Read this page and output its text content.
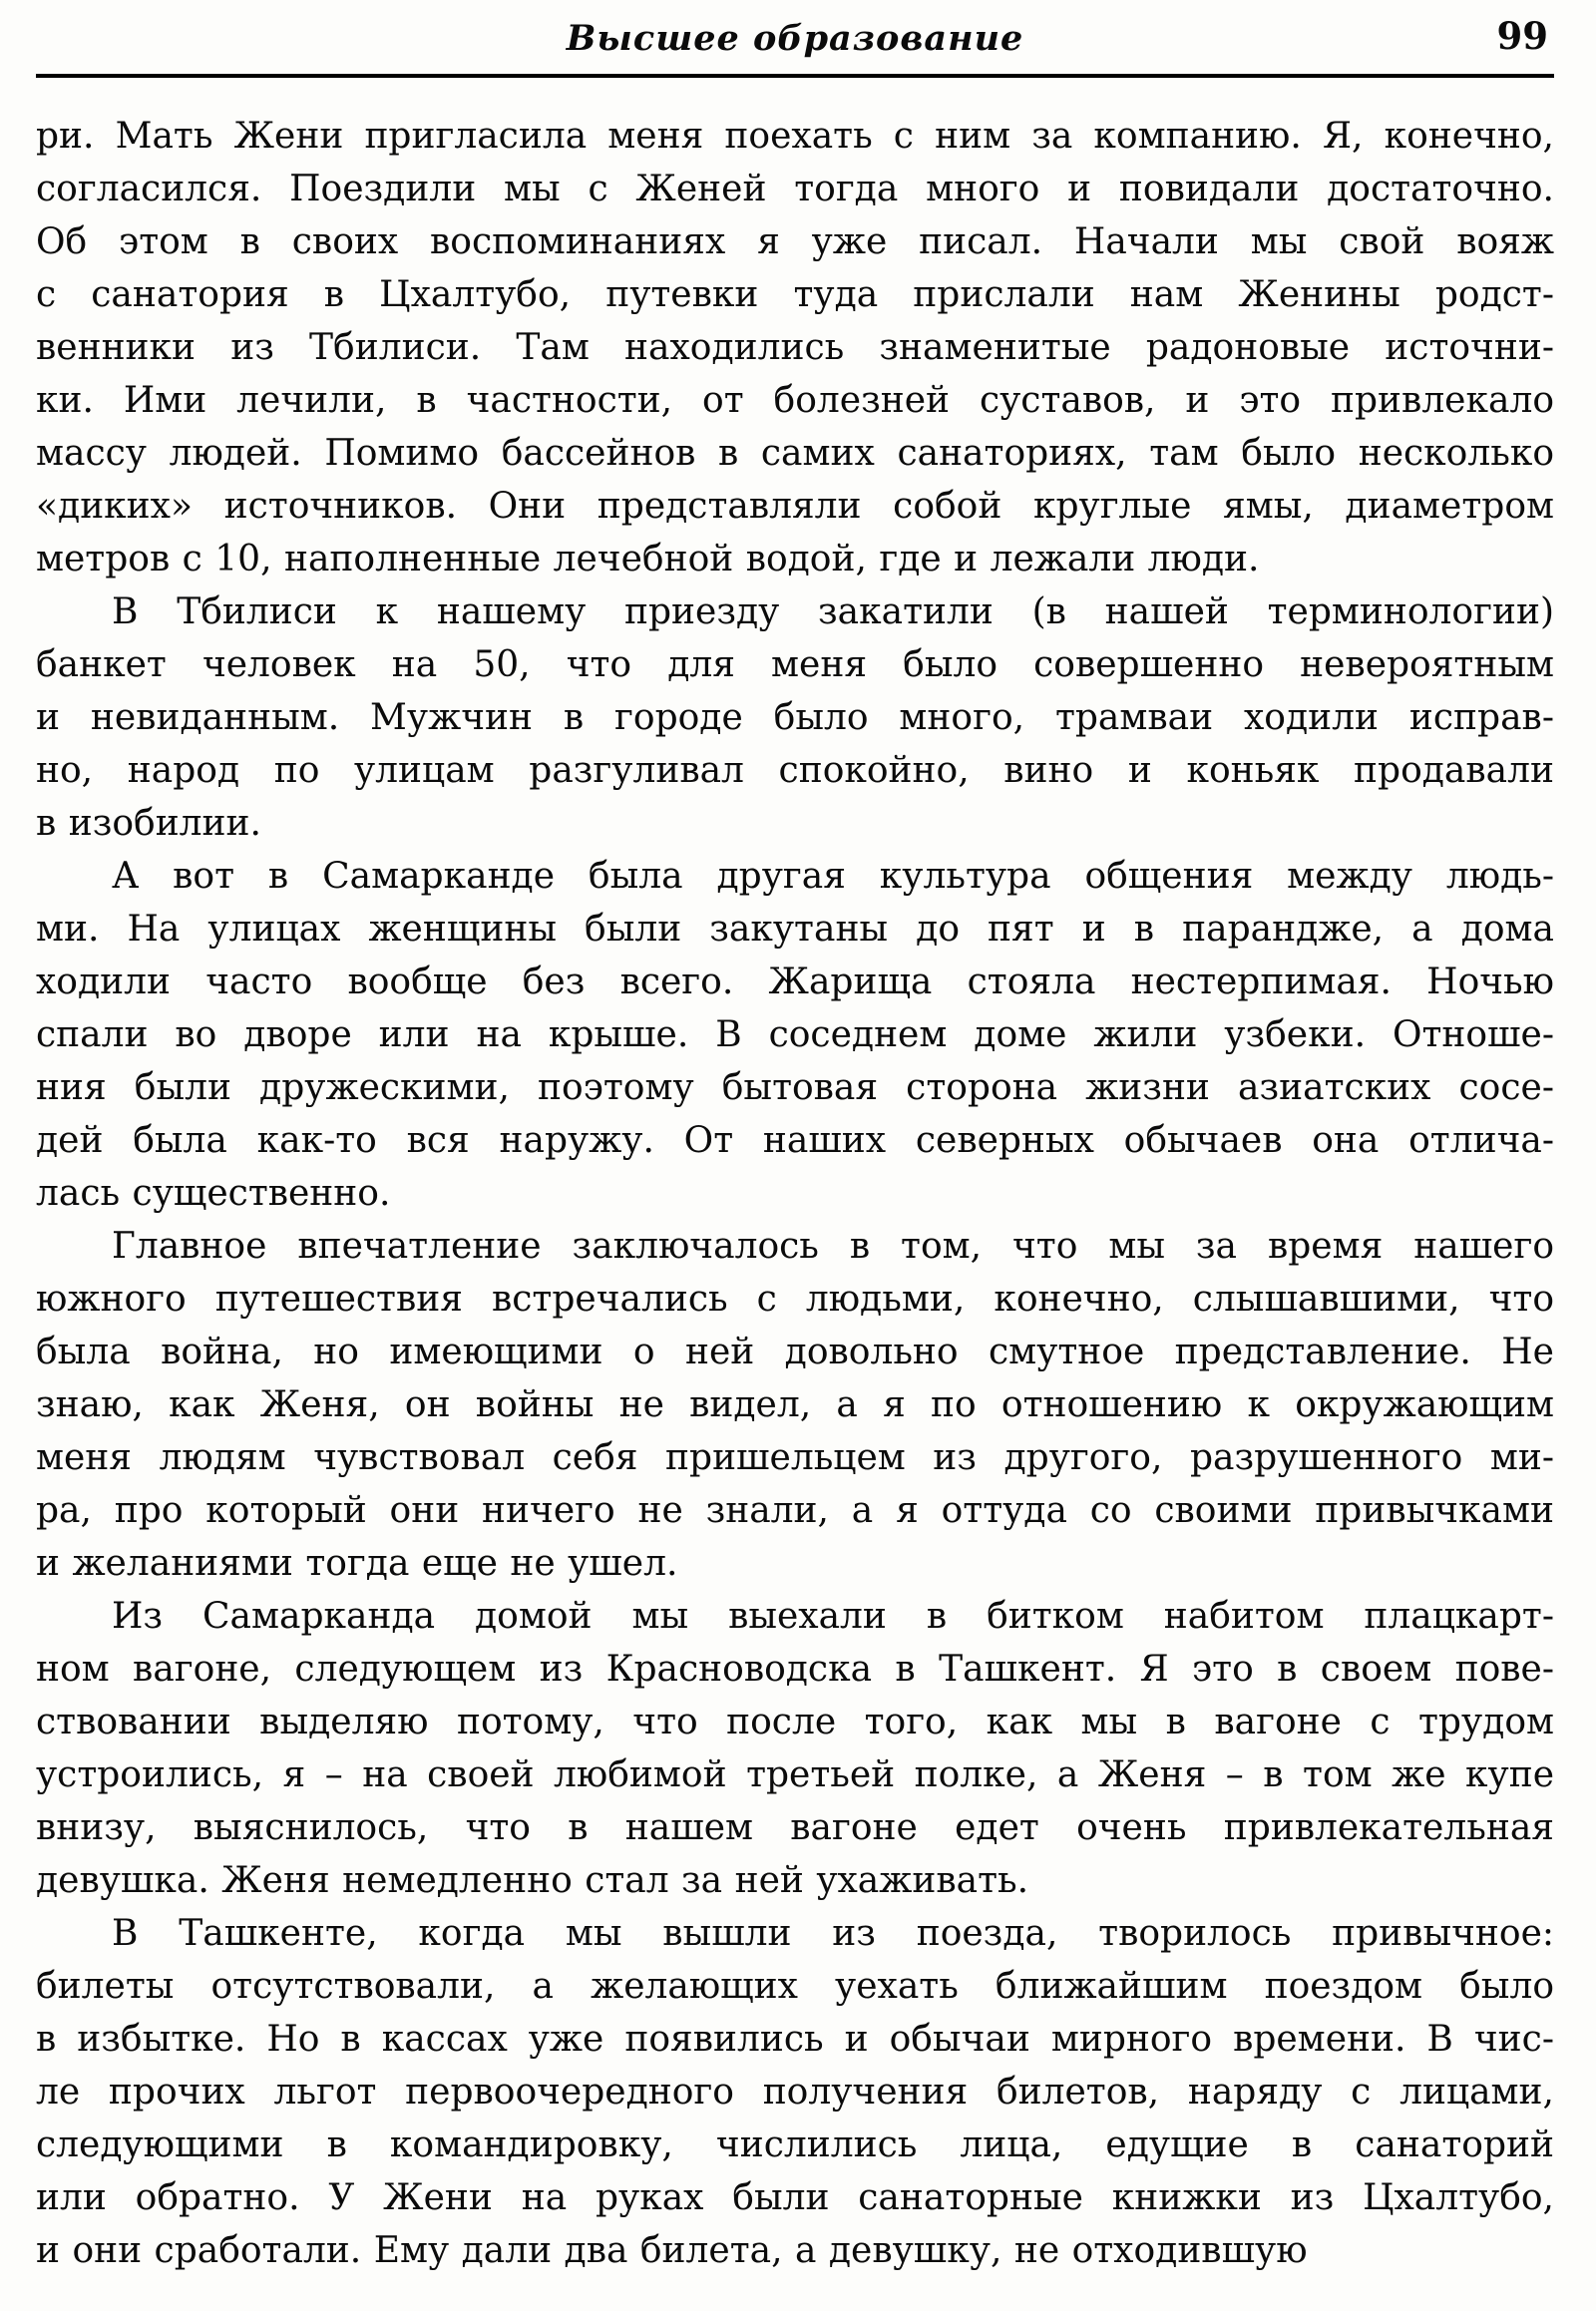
Высшее образование	99
ри. Мать Жени пригласила меня поехать с ним за компанию. Я, конечно,
согласился. Поездили мы с Женей тогда много и повидали достаточно.
Об этом в своих воспоминаниях я уже писал. Начали мы свой вояж
с санатория в Цхалтубо, путевки туда прислали нам Женины родст-
венники из Тбилиси. Там находились знаменитые радоновые источни-
ки. Ими лечили, в частности, от болезней суставов, и это привлекало
массу людей. Помимо бассейнов в самих санаториях, там было несколько
«диких» источников. Они представляли собой круглые ямы, диаметром
метров с 10, наполненные лечебной водой, где и лежали люди.
В Тбилиси к нашему приезду закатили (в нашей терминологии)
банкет человек на 50, что для меня было совершенно невероятным
и невиданным. Мужчин в городе было много, трамваи ходили исправ-
но, народ по улицам разгуливал спокойно, вино и коньяк продавали
в изобилии.
А вот в Самарканде была другая культура общения между людь-
ми. На улицах женщины были закутаны до пят и в парандже, а дома
ходили часто вообще без всего. Жарища стояла нестерпимая. Ночью
спали во дворе или на крыше. В соседнем доме жили узбеки. Отноше-
ния были дружескими, поэтому бытовая сторона жизни азиатских сосе-
дей была как-то вся наружу. От наших северных обычаев она отлича-
лась существенно.
Главное впечатление заключалось в том, что мы за время нашего
южного путешествия встречались с людьми, конечно, слышавшими, что
была война, но имеющими о ней довольно смутное представление. Не
знаю, как Женя, он войны не видел, а я по отношению к окружающим
меня людям чувствовал себя пришельцем из другого, разрушенного ми-
ра, про который они ничего не знали, а я оттуда со своими привычками
и желаниями тогда еще не ушел.
Из Самарканда домой мы выехали в битком набитом плацкарт-
ном вагоне, следующем из Красноводска в Ташкент. Я это в своем пове-
ствовании выделяю потому, что после того, как мы в вагоне с трудом
устроились, я – на своей любимой третьей полке, а Женя – в том же купе
внизу, выяснилось, что в нашем вагоне едет очень привлекательная
девушка. Женя немедленно стал за ней ухаживать.
В Ташкенте, когда мы вышли из поезда, творилось привычное:
билеты отсутствовали, а желающих уехать ближайшим поездом было
в избытке. Но в кассах уже появились и обычаи мирного времени. В чис-
ле прочих льгот первоочередного получения билетов, наряду с лицами,
следующими в командировку, числились лица, едущие в санаторий
или обратно. У Жени на руках были санаторные книжки из Цхалтубо,
и они сработали. Ему дали два билета, а девушку, не отходившую
